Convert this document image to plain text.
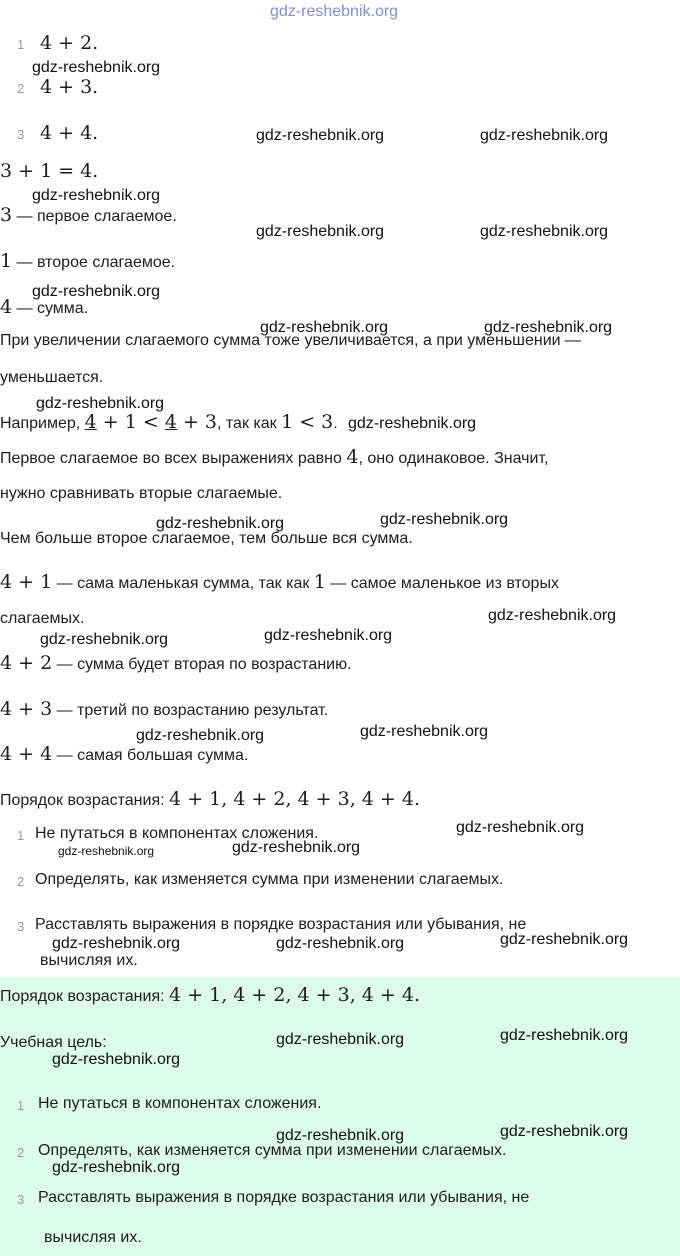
gdz-reshebnik.org
1 4 + 2.
2 4 + 3.
3 4 + 4.
3 + 1 = 4.
3 — первое слагаемое.
1 — второе слагаемое.
4 — сумма.
При увеличении слагаемого сумма тоже увеличивается, а при уменьшении —
уменьшается.
Например, 4 + 1 < 4 + 3, так как 1 < 3.
Первое слагаемое во всех выражениях равно 4, оно одинаковое. Значит,
нужно сравнивать вторые слагаемые.
Чем больше второе слагаемое, тем больше вся сумма.
4 + 1 — сама маленькая сумма, так как 1 — самое маленькое из вторых
слагаемых.
4 + 2 — сумма будет вторая по возрастанию.
4 + 3 — третий по возрастанию результат.
4 + 4 — самая большая сумма.
Порядок возрастания: 4 + 1, 4 + 2, 4 + 3, 4 + 4.
1 Не путаться в компонентах сложения.
2 Определять, как изменяется сумма при изменении слагаемых.
3 Расставлять выражения в порядке возрастания или убывания, не
вычисляя их.
Порядок возрастания: 4 + 1, 4 + 2, 4 + 3, 4 + 4.
Учебная цель:
1 Не путаться в компонентах сложения.
2 Определять, как изменяется сумма при изменении слагаемых.
3 Расставлять выражения в порядке возрастания или убывания, не
вычисляя их.
gdz-reshebnik.org
gdz-reshebnik.org	gdz-reshebnik.org
gdz-reshebnik.org
gdz-reshebnik.org	gdz-reshebnik.org
gdz-reshebnik.org
gdz-reshebnik.org	gdz-reshebnik.org
gdz-reshebnik.org
gdz-reshebnik.org
gdz-reshebnik.org	gdz-reshebnik.org
gdz-reshebnik.org
gdz-reshebnik.org	gdz-reshebnik.org
gdz-reshebnik.org	gdz-reshebnik.org
gdz-reshebnik.org
gdz-reshebnik.org	gdz-reshebnik.org
gdz-reshebnik.org	gdz-reshebnik.org	gdz-reshebnik.org
gdz-reshebnik.org	gdz-reshebnik.org
gdz-reshebnik.org
gdz-reshebnik.org	gdz-reshebnik.org
gdz-reshebnik.org
